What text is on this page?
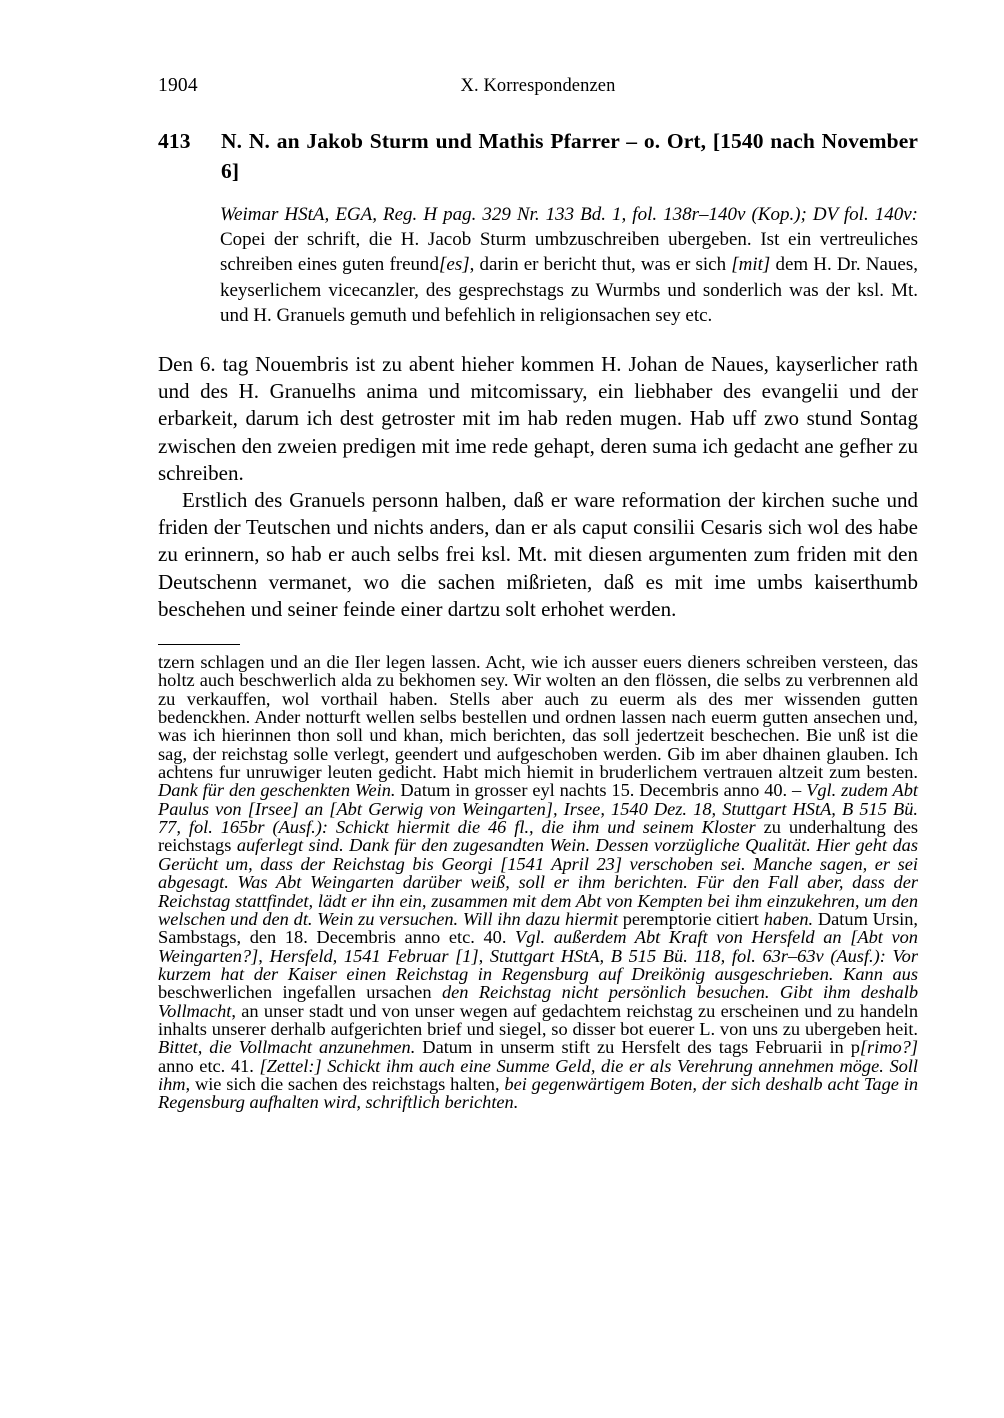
1904	X. Korrespondenzen
413 N. N. an Jakob Sturm und Mathis Pfarrer – o. Ort, [1540 nach November 6]
Weimar HStA, EGA, Reg. H pag. 329 Nr. 133 Bd. 1, fol. 138r–140v (Kop.); DV fol. 140v: Copei der schrift, die H. Jacob Sturm umbzuschreiben ubergeben. Ist ein vertreuliches schreiben eines guten freund[es], darin er bericht thut, was er sich [mit] dem H. Dr. Naues, keyserlichem vicecanzler, des gesprechstags zu Wurmbs und sonderlich was der ksl. Mt. und H. Granuels gemuth und befehlich in religionsachen sey etc.

Den 6. tag Nouembris ist zu abent hieher kommen H. Johan de Naues, kayserlicher rath und des H. Granuelhs anima und mitcomissary, ein liebhaber des evangelii und der erbarkeit, darum ich dest getroster mit im hab reden mugen. Hab uff zwo stund Sontag zwischen den zweien predigen mit ime rede gehapt, deren suma ich gedacht ane gefher zu schreiben.

Erstlich des Granuels personn halben, daß er ware reformation der kirchen suche und friden der Teutschen und nichts anders, dan er als caput consilii Cesaris sich wol des habe zu erinnern, so hab er auch selbs frei ksl. Mt. mit diesen argumenten zum friden mit den Deutschenn vermanet, wo die sachen mißrieten, daß es mit ime umbs kaiserthumb beschehen und seiner feinde einer dartzu solt erhohet werden.

tzern schlagen und an die Iler legen lassen. Acht, wie ich ausser euers dieners schreiben versteen, das holtz auch beschwerlich alda zu bekhomen sey. Wir wolten an den flössen, die selbs zu verbrennen ald zu verkauffen, wol vorthail haben. Stells aber auch zu euerm als des mer wissenden gutten bedenckhen. Ander notturft wellen selbs bestellen und ordnen lassen nach euerm gutten ansechen und, was ich hierinnen thon soll und khan, mich berichten, das soll jedertzeit beschechen. Bie unß ist die sag, der reichstag solle verlegt, geendert und aufgeschoben werden. Gib im aber dhainen glauben. Ich achtens fur unruwiger leuten gedicht. Habt mich hiemit in bruderlichem vertrauen altzeit zum besten. Dank für den geschenkten Wein. Datum in grosser eyl nachts 15. Decembris anno 40. – Vgl. zudem Abt Paulus von [Irsee] an [Abt Gerwig von Weingarten], Irsee, 1540 Dez. 18, Stuttgart HStA, B 515 Bü. 77, fol. 165br (Ausf.): Schickt hiermit die 46 fl., die ihm und seinem Kloster zu underhaltung des reichstags auferlegt sind. Dank für den zugesandten Wein. Dessen vorzügliche Qualität. Hier geht das Gerücht um, dass der Reichstag bis Georgi [1541 April 23] verschoben sei. Manche sagen, er sei abgesagt. Was Abt Weingarten darüber weiß, soll er ihm berichten. Für den Fall aber, dass der Reichstag stattfindet, lädt er ihn ein, zusammen mit dem Abt von Kempten bei ihm einzukehren, um den welschen und den dt. Wein zu versuchen. Will ihn dazu hiermit peremptorie citiert haben. Datum Ursin, Sambstags, den 18. Decembris anno etc. 40. Vgl. außerdem Abt Kraft von Hersfeld an [Abt von Weingarten?], Hersfeld, 1541 Februar [1], Stuttgart HStA, B 515 Bü. 118, fol. 63r–63v (Ausf.): Vor kurzem hat der Kaiser einen Reichstag in Regensburg auf Dreikönig ausgeschrieben. Kann aus beschwerlichen ingefallen ursachen den Reichstag nicht persönlich besuchen. Gibt ihm deshalb Vollmacht, an unser stadt und von unser wegen auf gedachtem reichstag zu erscheinen und zu handeln inhalts unserer derhalb aufgerichten brief und siegel, so disser bot euerer L. von uns zu ubergeben heit. Bittet, die Vollmacht anzunehmen. Datum in unserm stift zu Hersfelt des tags Februarii in p[rimo?] anno etc. 41. [Zettel:] Schickt ihm auch eine Summe Geld, die er als Verehrung annehmen möge. Soll ihm, wie sich die sachen des reichstags halten, bei gegenwärtigem Boten, der sich deshalb acht Tage in Regensburg aufhalten wird, schriftlich berichten.
